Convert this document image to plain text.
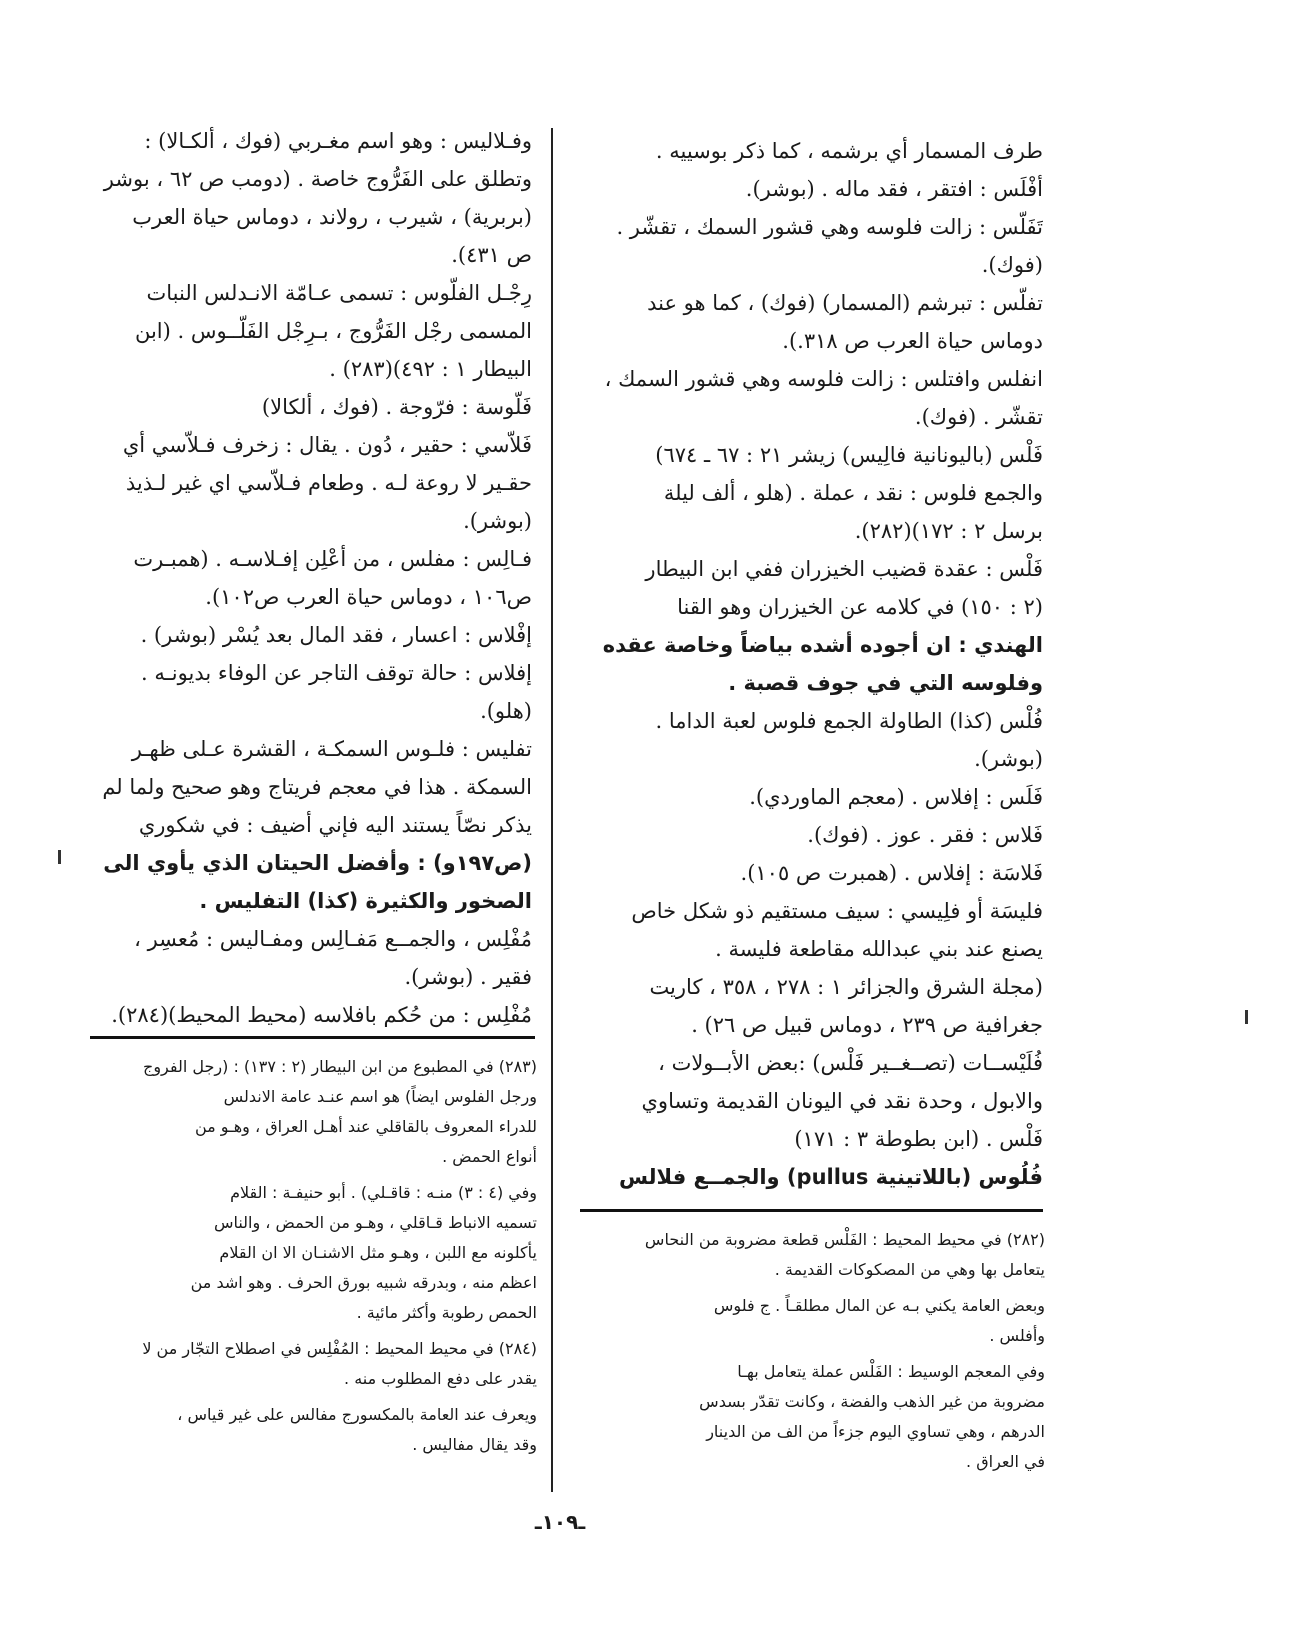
طرف المسمار أي برشمه ، كما ذكر بوسييه .
أفْلَس : افتقر ، فقد ماله . (بوشر).
تَفَلّس : زالت فلوسه وهي قشور السمك ، تقشّر .
(فوك).
تفلّس : تبرشم (المسمار) (فوك) ، كما هو عند
دوماس حياة العرب ص ٣١٨.).
انفلس وافتلس : زالت فلوسه وهي قشور السمك ،
تقشّر . (فوك).
فَلْس (باليونانية فالِيس) زيشر ٢١ : ٦٧ ـ ٦٧٤)
والجمع فلوس : نقد ، عملة . (هلو ، ألف ليلة
برسل ٢ : ١٧٢)(٢٨٢).
فَلْس : عقدة قضيب الخيزران ففي ابن البيطار
(٢ : ١٥٠) في كلامه عن الخيزران وهو القنا
الهندي : ان أجوده أشده بياضاً وخاصة عقده
وفلوسه التي في جوف قصبة .
فُلْس (كذا) الطاولة الجمع فلوس لعبة الداما .
(بوشر).
فَلَس : إفلاس . (معجم الماوردي).
فَلاس : فقر . عوز . (فوك).
فَلاسَة : إفلاس . (همبرت ص ١٠٥).
فليسَة أو فلِيسي : سيف مستقيم ذو شكل خاص
يصنع عند بني عبدالله مقاطعة فليسة .
(مجلة الشرق والجزائر ١ : ٢٧٨ ، ٣٥٨ ، كاريت
جغرافية ص ٢٣٩ ، دوماس قبيل ص ٢٦) .
فُلَيْســات (تصــغــير فَلْس) :بعض الأبــولات ،
والابول ، وحدة نقد في اليونان القديمة وتساوي
فَلْس . (ابن بطوطة ٣ : ١٧١)
فُلُوس (باللاتينية pullus) والجمــع فلالس
وفـلاليس : وهو اسم مغـربي (فوك ، ألكـالا) :
وتطلق على الفَرُّوج خاصة . (دومب ص ٦٢ ، بوشر
(بربرية) ، شيرب ، رولاند ، دوماس حياة العرب
ص ٤٣١).
رِجْـل الفلّوس : تسمى عـامّة الانـدلس النبات
المسمى رجْل الفَرُّوج ، بـرِجْل الفَلّــوس . (ابن
البيطار ١ : ٤٩٢)(٢٨٣) .
فَلّوسة : فرّوجة . (فوك ، ألكالا)
فَلاّسي : حقير ، دُون . يقال : زخرف فـلاّسي أي
حقـير لا روعة لـه . وطعام فـلاّسي اي غير لـذيذ
(بوشر).
فـالِس : مفلس ، من أعْلِن إفـلاسـه . (همبـرت
ص١٠٦ ، دوماس حياة العرب ص١٠٢).
إفْلاس : اعسار ، فقد المال بعد يُسْر (بوشر) .
إفلاس : حالة توقف التاجر عن الوفاء بديونـه .
(هلو).
تفليس : فلـوس السمكـة ، القشرة عـلى ظهـر
السمكة . هذا في معجم فريتاج وهو صحيح ولما لم
يذكر نصّاً يستند اليه فإني أضيف : في شكوري
(ص١٩٧و) : وأفضل الحيتان الذي يأوي الى
الصخور والكثيرة (كذا) التفليس .
مُفْلِس ، والجمــع مَفـالِس ومفـاليس : مُعسِر ،
فقير . (بوشر).
مُفْلِس : من حُكم بافلاسه (محيط المحيط)(٢٨٤).
(٢٨٢) في محيط المحيط : الفَلْس قطعة مضروبة من النحاس
يتعامل بها وهي من المصكوكات القديمة .
وبعض العامة يكني بـه عن المال مطلقـاً . ج فلوس
وأفلس .
وفي المعجم الوسيط : الفَلْس عملة يتعامل بهـا
مضروبة من غير الذهب والفضة ، وكانت تقدّر بسدس
الدرهم ، وهي تساوي اليوم جزءاً من الف من الدينار
في العراق .
(٢٨٣) في المطبوع من ابن البيطار (٢ : ١٣٧) : (رجل الفروج
ورجل الفلوس ايضاً) هو اسم عنـد عامة الاندلس
للدراء المعروف بالقاقلي عند أهـل العراق ، وهـو من
أنواع الحمض .
وفي (٤ : ٣) منـه : قاقـلي) . أبو حنيفـة : القلام
تسميه الانباط قـاقلي ، وهـو من الحمض ، والناس
يأكلونه مع اللبن ، وهـو مثل الاشنـان الا ان القلام
اعظم منه ، وبدرقه شبيه بورق الحرف . وهو اشد من
الحمص رطوبة وأكثر مائية .
(٢٨٤) في محيط المحيط : المُفْلِس في اصطلاح التجّار من لا
يقدر على دفع المطلوب منه .
ويعرف عند العامة بالمكسورج مفالس على غير قياس ،
وقد يقال مفاليس .
ـ١٠٩ـ
